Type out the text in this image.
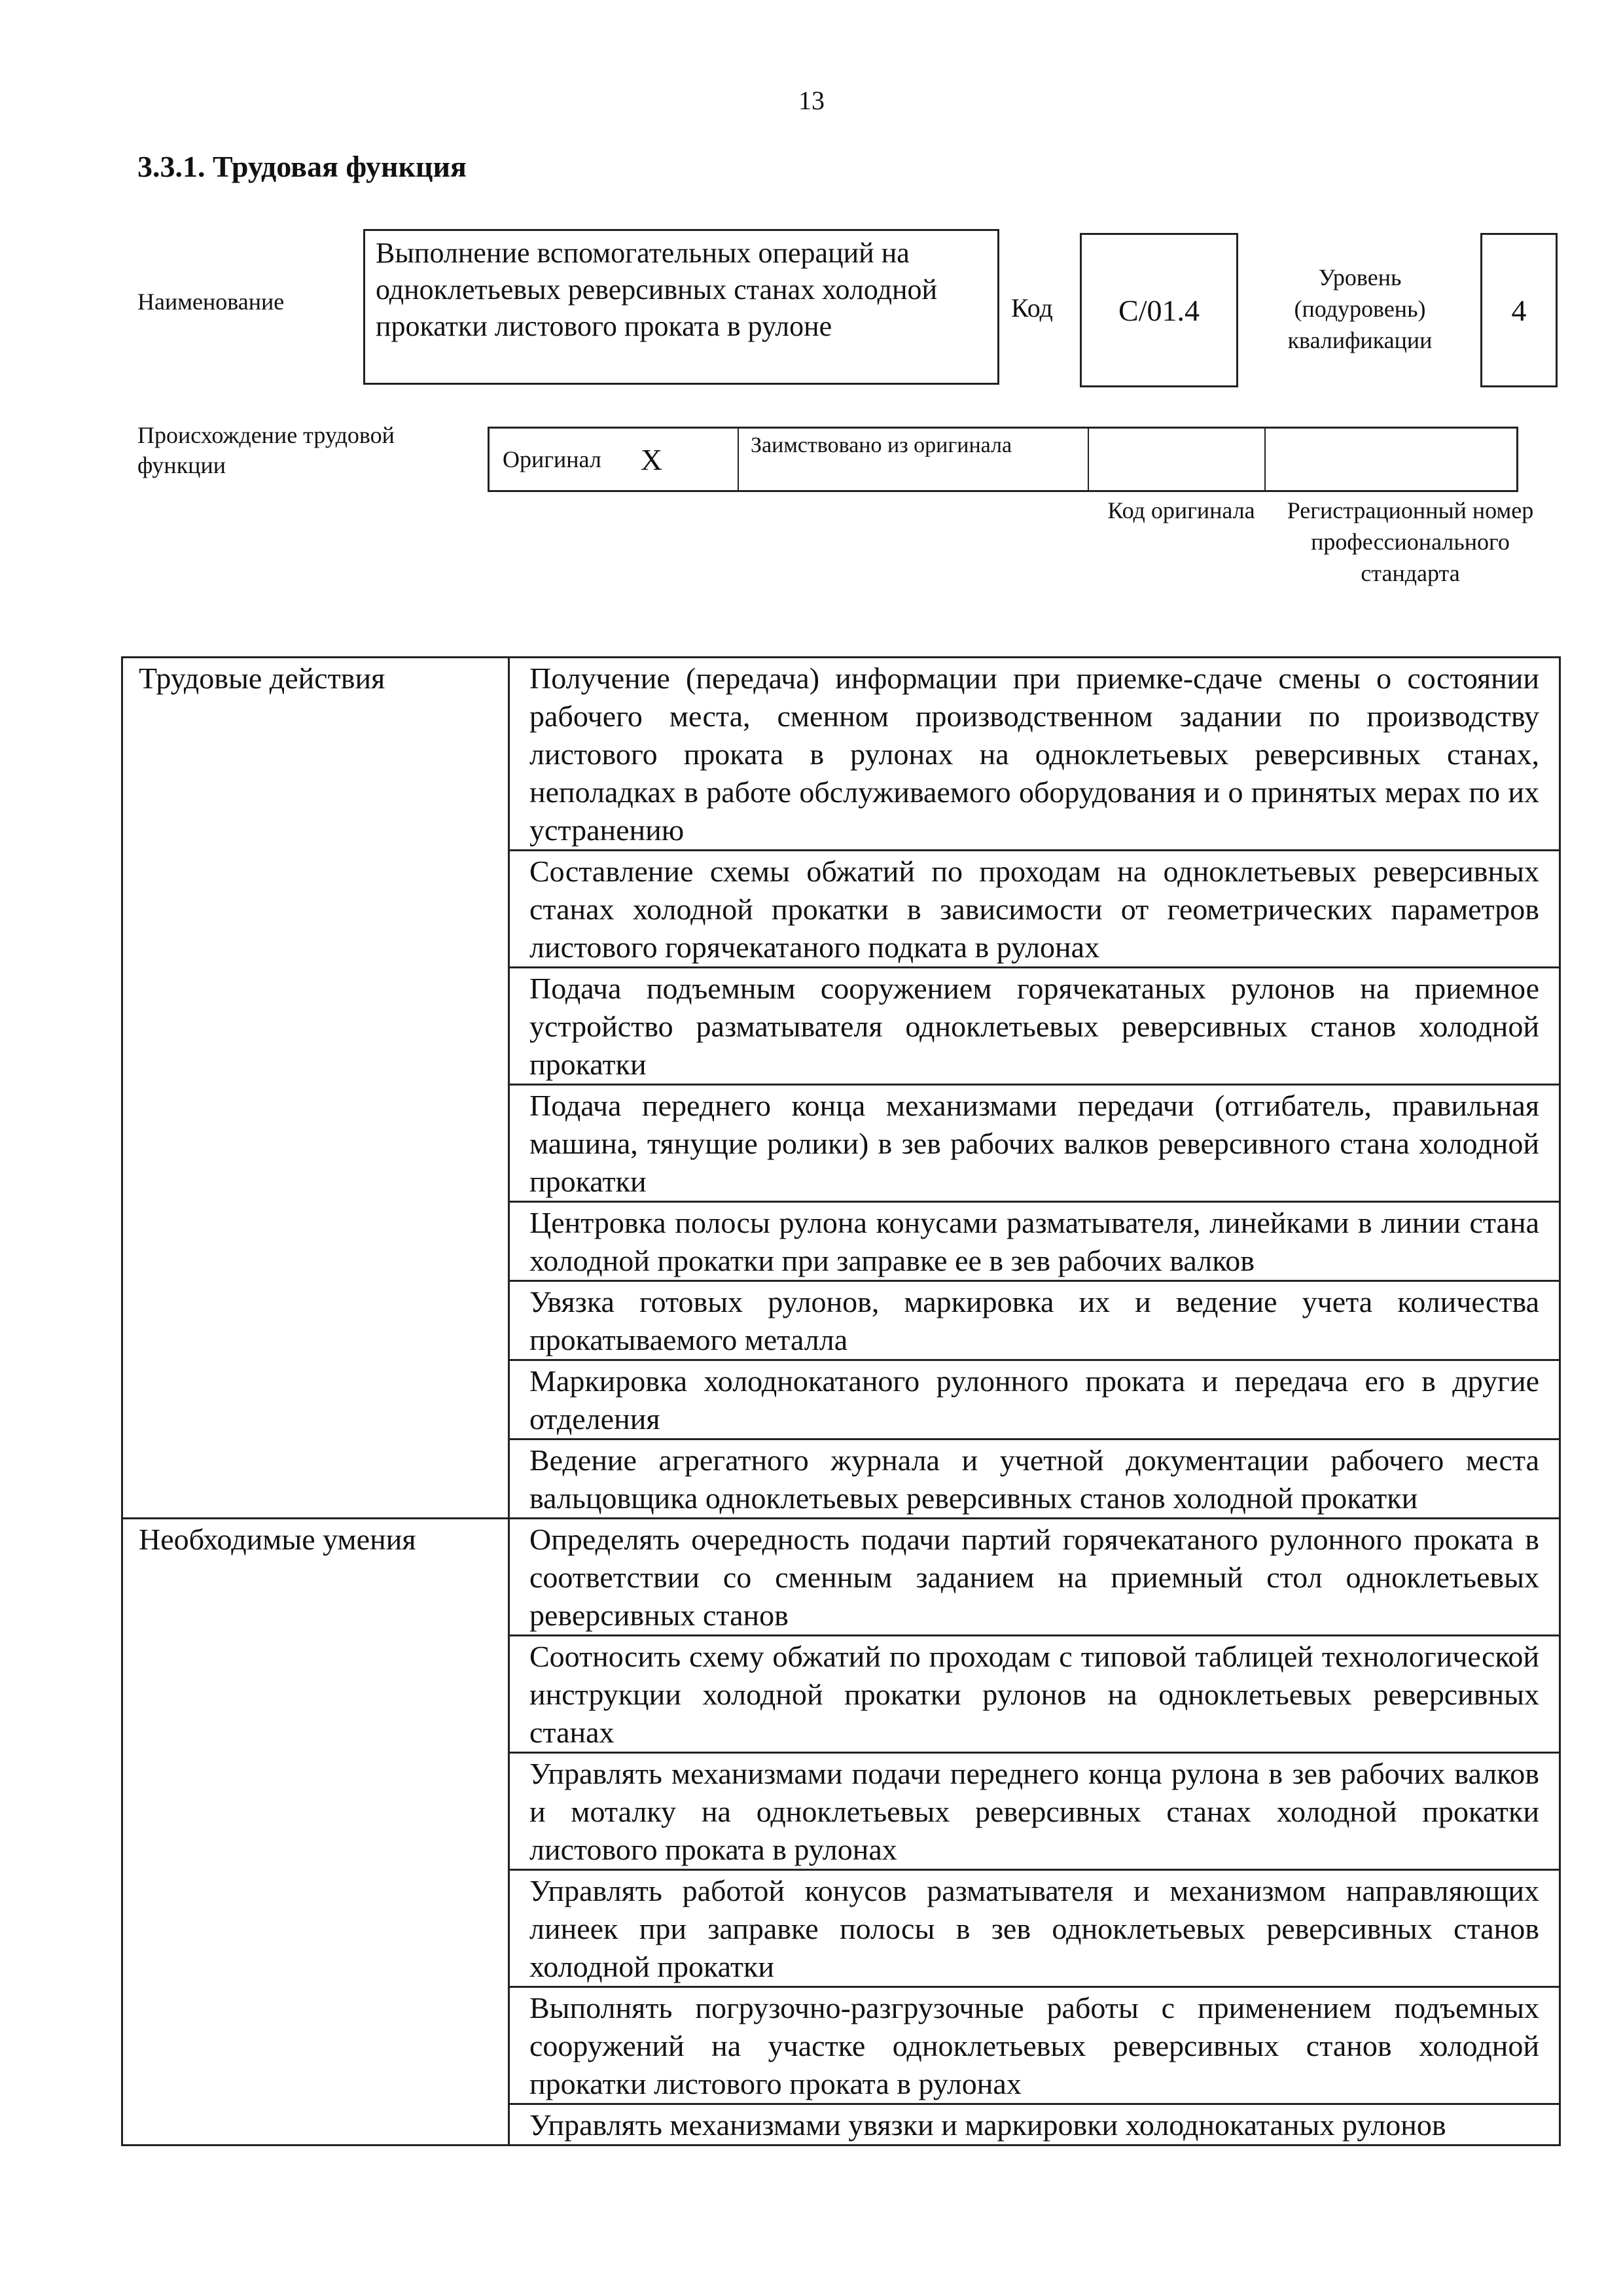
13
3.3.1. Трудовая функция
Наименование
Выполнение вспомогательных операций на одноклетьевых реверсивных станах холодной прокатки листового проката в рулоне
Код	C/01.4
Уровень (подуровень) квалификации
4
Происхождение трудовой функции	Оригинал X	Заимствовано из оригинала
Код оригинала	Регистрационный номер профессионального стандарта
Трудовые действия	Получение (передача) информации при приемке-сдаче смены о состоянии рабочего места, сменном производственном задании по производству листового проката в рулонах на одноклетьевых реверсивных станах, неполадках в работе обслуживаемого оборудования и о принятых мерах по их устранению
	Составление схемы обжатий по проходам на одноклетьевых реверсивных станах холодной прокатки в зависимости от геометрических параметров листового горячекатаного подката в рулонах
	Подача подъемным сооружением горячекатаных рулонов на приемное устройство разматывателя одноклетьевых реверсивных станов холодной прокатки
	Подача переднего конца механизмами передачи (отгибатель, правильная машина, тянущие ролики) в зев рабочих валков реверсивного стана холодной прокатки
	Центровка полосы рулона конусами разматывателя, линейками в линии стана холодной прокатки при заправке ее в зев рабочих валков
	Увязка готовых рулонов, маркировка их и ведение учета количества прокатываемого металла
	Маркировка холоднокатаного рулонного проката и передача его в другие отделения
	Ведение агрегатного журнала и учетной документации рабочего места вальцовщика одноклетьевых реверсивных станов холодной прокатки
Необходимые умения	Определять очередность подачи партий горячекатаного рулонного проката в соответствии со сменным заданием на приемный стол одноклетьевых реверсивных станов
	Соотносить схему обжатий по проходам с типовой таблицей технологической инструкции холодной прокатки рулонов на одноклетьевых реверсивных станах
	Управлять механизмами подачи переднего конца рулона в зев рабочих валков и моталку на одноклетьевых реверсивных станах холодной прокатки листового проката в рулонах
	Управлять работой конусов разматывателя и механизмом направляющих линеек при заправке полосы в зев одноклетьевых реверсивных станов холодной прокатки
	Выполнять погрузочно-разгрузочные работы с применением подъемных сооружений на участке одноклетьевых реверсивных станов холодной прокатки листового проката в рулонах
	Управлять механизмами увязки и маркировки холоднокатаных рулонов
